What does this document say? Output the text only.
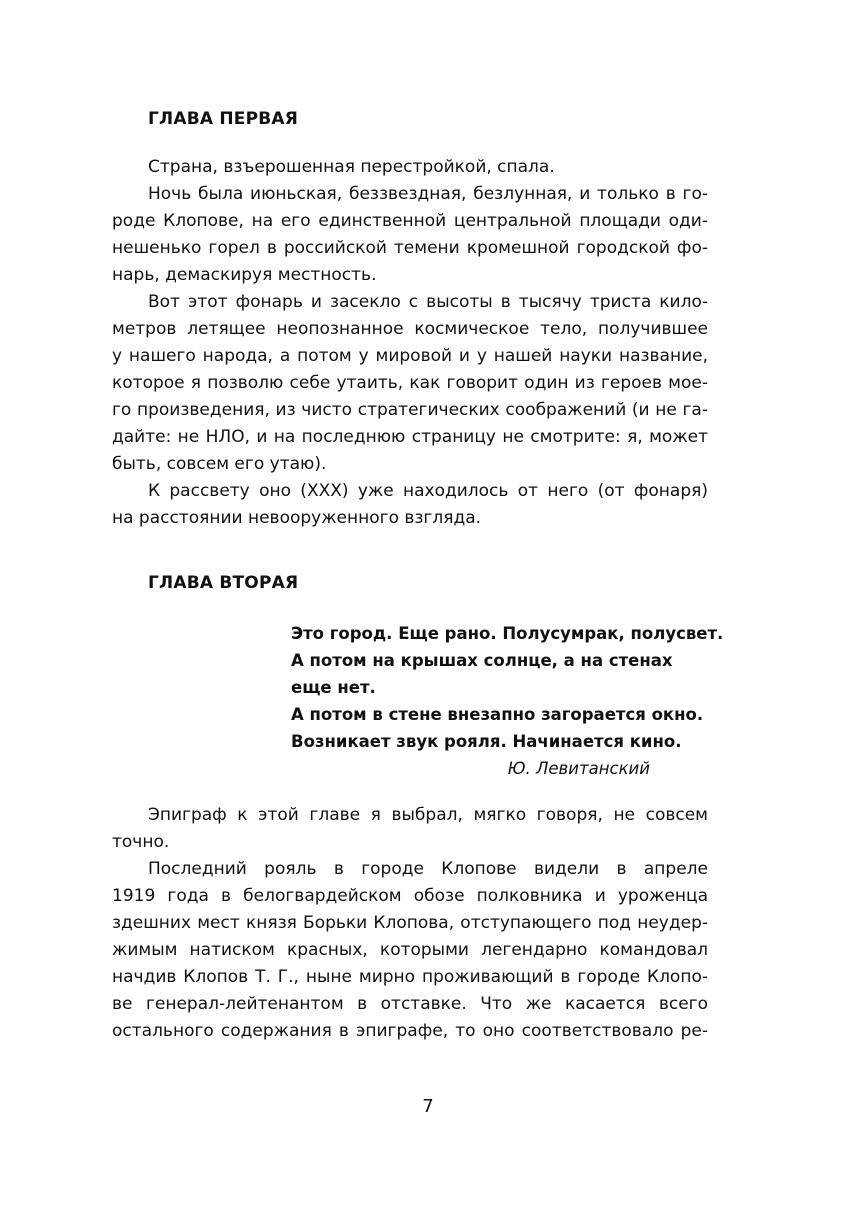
ГЛАВА ПЕРВАЯ
Страна, взъерошенная перестройкой, спала.
Ночь была июньская, беззвездная, безлунная, и только в го-
роде Клопове, на его единственной центральной площади оди-
нешенько горел в российской темени кромешной городской фо-
нарь, демаскируя местность.
Вот этот фонарь и засекло с высоты в тысячу триста кило-
метров летящее неопознанное космическое тело, получившее
у нашего народа, а потом у мировой и у нашей науки название,
которое я позволю себе утаить, как говорит один из героев мое-
го произведения, из чисто стратегических соображений (и не га-
дайте: не НЛО, и на последнюю страницу не смотрите: я, может
быть, совсем его утаю).
К рассвету оно (ХХХ) уже находилось от него (от фонаря)
на расстоянии невооруженного взгляда.
ГЛАВА ВТОРАЯ
Это город. Еще рано. Полусумрак, полусвет.
А потом на крышах солнце, а на стенах
еще нет.
А потом в стене внезапно загорается окно.
Возникает звук рояля. Начинается кино.
Ю. Левитанский
Эпиграф к этой главе я выбрал, мягко говоря, не совсем
точно.
Последний рояль в городе Клопове видели в апреле
1919 года в белогвардейском обозе полковника и уроженца
здешних мест князя Борьки Клопова, отступающего под неудер-
жимым натиском красных, которыми легендарно командовал
начдив Клопов Т. Г., ныне мирно проживающий в городе Клопо-
ве генерал-лейтенантом в отставке. Что же касается всего
остального содержания в эпиграфе, то оно соответствовало ре-
7
